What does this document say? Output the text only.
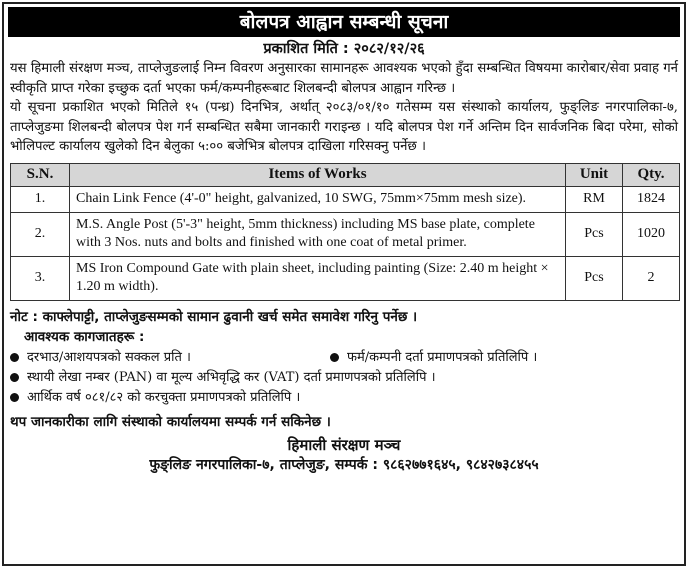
बोलपत्र आह्वान सम्बन्धी सूचना
प्रकाशित मिति : २०८२/१२/२६
यस हिमाली संरक्षण मञ्च, ताप्लेजुङलाई निम्न विवरण अनुसारका सामानहरू आवश्यक भएको हुँदा सम्बन्धित विषयमा कारोबार/सेवा प्रवाह गर्न स्वीकृति प्राप्त गरेका इच्छुक दर्ता भएका फर्म/कम्पनीहरूबाट शिलबन्दी बोलपत्र आह्वान गरिन्छ ।
यो सूचना प्रकाशित भएको मितिले १५ (पन्ध्र) दिनभित्र, अर्थात् २०८३/०१/१० गतेसम्म यस संस्थाको कार्यालय, फुङ्लिङ नगरपालिका-७, ताप्लेजुङमा शिलबन्दी बोलपत्र पेश गर्न सम्बन्धित सबैमा जानकारी गराइन्छ । यदि बोलपत्र पेश गर्ने अन्तिम दिन सार्वजनिक बिदा परेमा, सोको भोलिपल्ट कार्यालय खुलेको दिन बेलुका ५:०० बजेभित्र बोलपत्र दाखिला गरिसक्नु पर्नेछ ।
S.N.	Items of Works	Unit	Qty.
1.	Chain Link Fence (4'-0" height, galvanized, 10 SWG, 75mm×75mm mesh size).	RM	1824
2.	M.S. Angle Post (5'-3" height, 5mm thickness) including MS base plate, complete with 3 Nos. nuts and bolts and finished with one coat of metal primer.	Pcs	1020
3.	MS Iron Compound Gate with plain sheet, including painting (Size: 2.40 m height × 1.20 m width).	Pcs	2
नोट : काफ्लेपाट्टी, ताप्लेजुङसम्मको सामान ढुवानी खर्च समेत समावेश गरिनु पर्नेछ ।
आवश्यक कागजातहरू :
दरभाउ/आशयपत्रको सक्कल प्रति ।	फर्म/कम्पनी दर्ता प्रमाणपत्रको प्रतिलिपि ।
स्थायी लेखा नम्बर (PAN) वा मूल्य अभिवृद्धि कर (VAT) दर्ता प्रमाणपत्रको प्रतिलिपि ।
आर्थिक वर्ष ०८१/८२ को करचुक्ता प्रमाणपत्रको प्रतिलिपि ।
थप जानकारीका लागि संस्थाको कार्यालयमा सम्पर्क गर्न सकिनेछ ।
हिमाली संरक्षण मञ्च
फुङ्लिङ नगरपालिका-७, ताप्लेजुङ, सम्पर्क : ९८६२७७१६४५, ९८४२७३८४५५
